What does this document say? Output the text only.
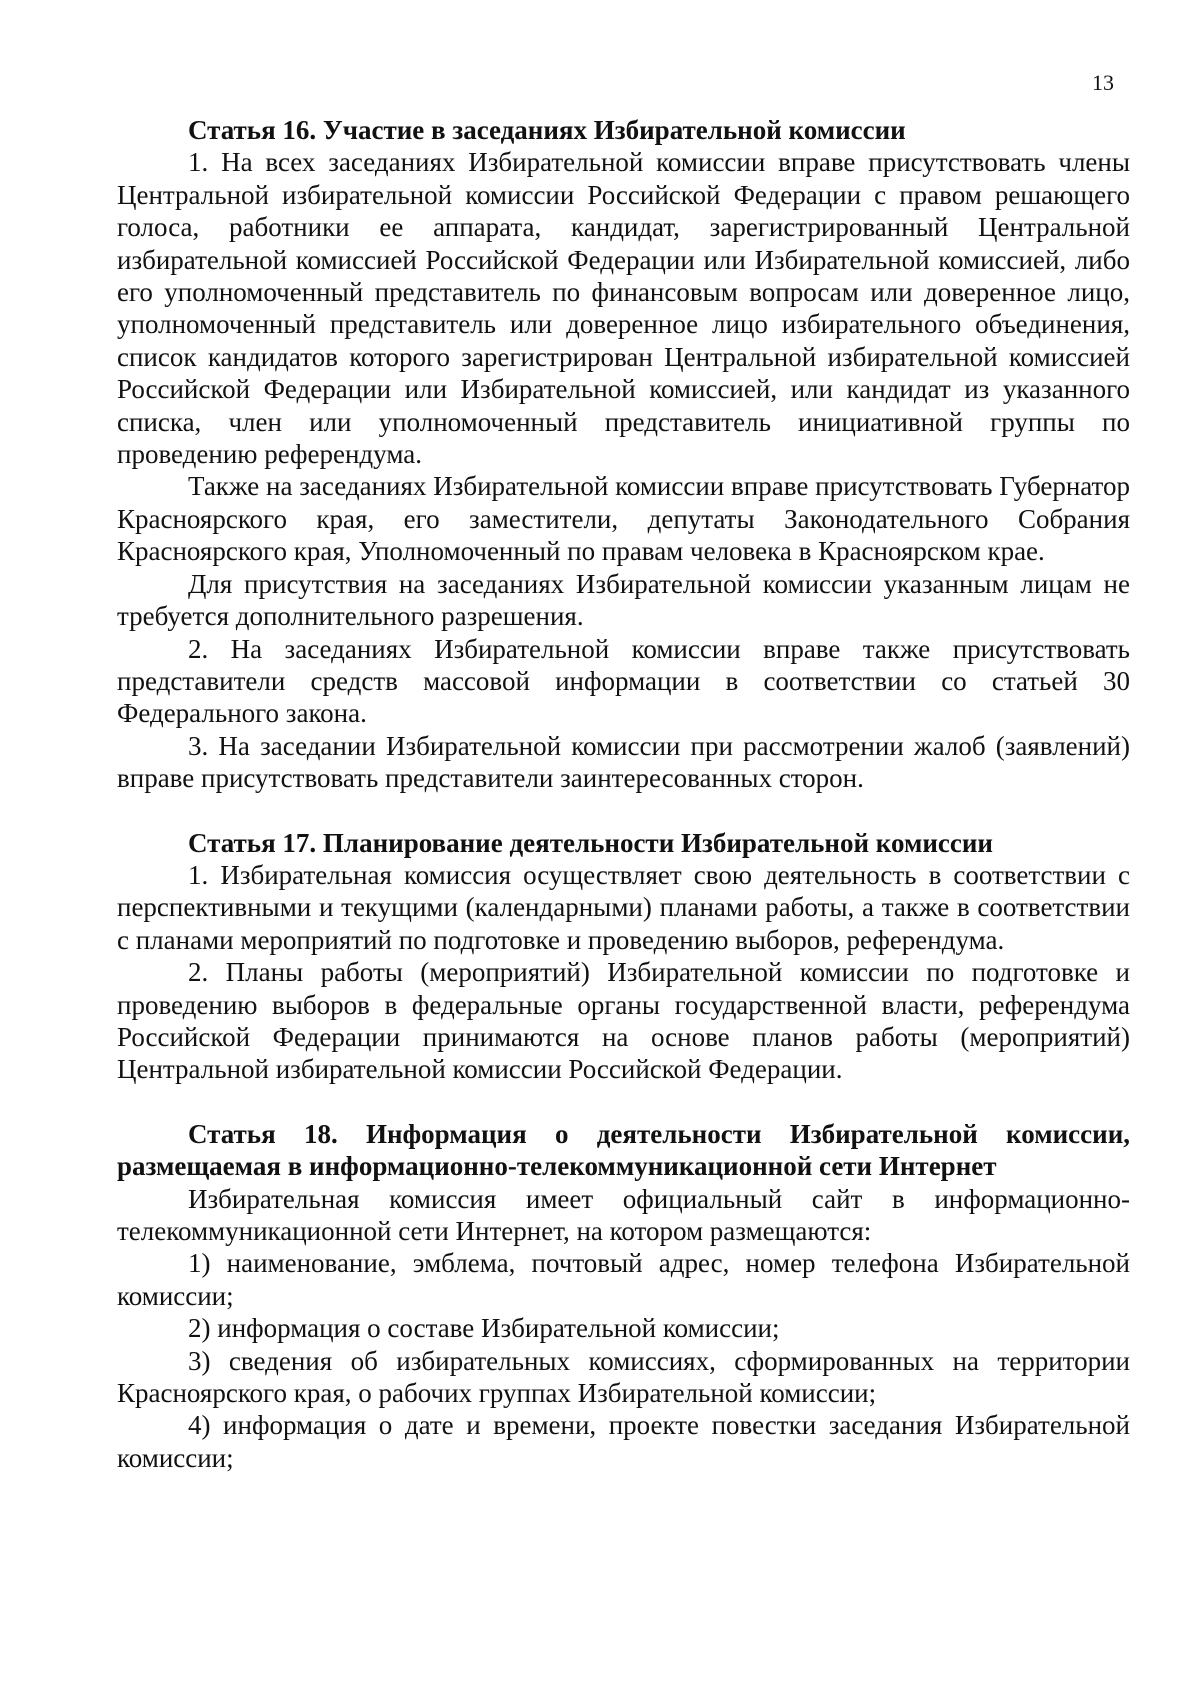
13

Статья 16. Участие в заседаниях Избирательной комиссии

1. На всех заседаниях Избирательной комиссии вправе присутствовать члены Центральной избирательной комиссии Российской Федерации с правом решающего голоса, работники ее аппарата, кандидат, зарегистрированный Центральной избирательной комиссией Российской Федерации или Избирательной комиссией, либо его уполномоченный представитель по финансовым вопросам или доверенное лицо, уполномоченный представитель или доверенное лицо избирательного объединения, список кандидатов которого зарегистрирован Центральной избирательной комиссией Российской Федерации или Избирательной комиссией, или кандидат из указанного списка, член или уполномоченный представитель инициативной группы по проведению референдума.

Также на заседаниях Избирательной комиссии вправе присутствовать Губернатор Красноярского края, его заместители, депутаты Законодательного Собрания Красноярского края, Уполномоченный по правам человека в Красноярском крае.

Для присутствия на заседаниях Избирательной комиссии указанным лицам не требуется дополнительного разрешения.

2. На заседаниях Избирательной комиссии вправе также присутствовать представители средств массовой информации в соответствии со статьей 30 Федерального закона.

3. На заседании Избирательной комиссии при рассмотрении жалоб (заявлений) вправе присутствовать представители заинтересованных сторон.

Статья 17. Планирование деятельности Избирательной комиссии

1. Избирательная комиссия осуществляет свою деятельность в соответствии с перспективными и текущими (календарными) планами работы, а также в соответствии с планами мероприятий по подготовке и проведению выборов, референдума.

2. Планы работы (мероприятий) Избирательной комиссии по подготовке и проведению выборов в федеральные органы государственной власти, референдума Российской Федерации принимаются на основе планов работы (мероприятий) Центральной избирательной комиссии Российской Федерации.

Статья 18. Информация о деятельности Избирательной комиссии, размещаемая в информационно-телекоммуникационной сети Интернет

Избирательная комиссия имеет официальный сайт в информационно-телекоммуникационной сети Интернет, на котором размещаются:

1) наименование, эмблема, почтовый адрес, номер телефона Избирательной комиссии;

2) информация о составе Избирательной комиссии;

3) сведения об избирательных комиссиях, сформированных на территории Красноярского края, о рабочих группах Избирательной комиссии;

4) информация о дате и времени, проекте повестки заседания Избирательной комиссии;
